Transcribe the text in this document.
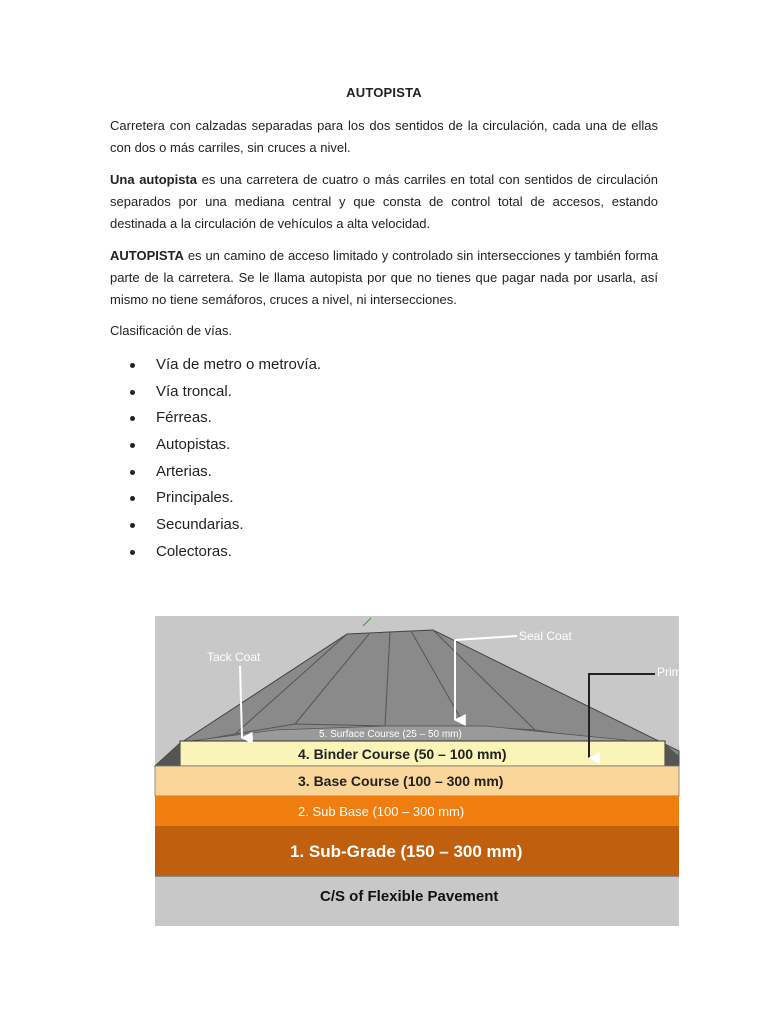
AUTOPISTA

Carretera con calzadas separadas para los dos sentidos de la circulación, cada una de ellas con dos o más carriles, sin cruces a nivel.

Una autopista es una carretera de cuatro o más carriles en total con sentidos de circulación separados por una mediana central y que consta de control total de accesos, estando destinada a la circulación de vehículos a alta velocidad.

AUTOPISTA es un camino de acceso limitado y controlado sin intersecciones y también forma parte de la carretera. Se le llama autopista por que no tienes que pagar nada por usarla, así mismo no tiene semáforos, cruces a nivel, ni intersecciones.

Clasificación de vías.

Vía de metro o metrovía.
Vía troncal.
Férreas.
Autopistas.
Arterias.
Principales.
Secundarias.
Colectoras.
Tack Coat
Seal Coat
Prim
5. Surface Course (25 – 50 mm)
4. Binder Course (50 – 100 mm)
3. Base Course (100 – 300 mm)
2. Sub Base (100 – 300 mm)
1. Sub-Grade (150 – 300 mm)
C/S of Flexible Pavement
